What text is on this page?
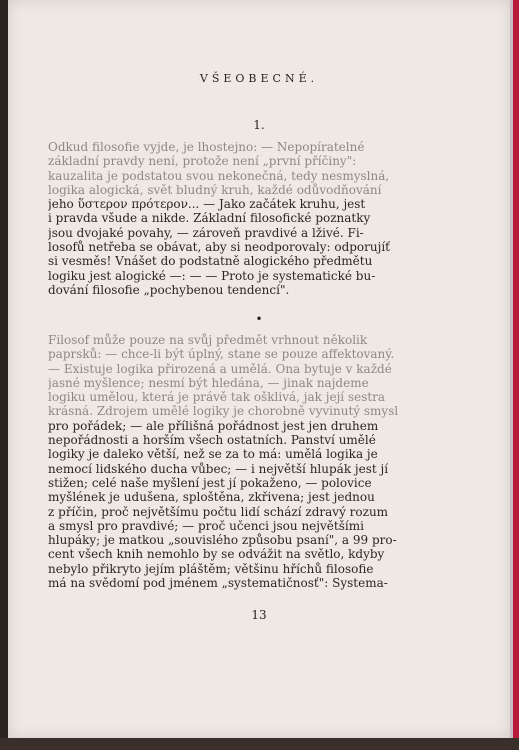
VŠEOBECNÉ.
1.
Odkud filosofie vyjde, je lhostejno: — Nepopíratelné
základní pravdy není, protože není „první příčiny":
kauzalita je podstatou svou nekonečná, tedy nesmyslná,
logika alogická, svět bludný kruh, každé odůvodňování
jeho ὕστερον πρότερον... — Jako začátek kruhu, jest
i pravda všude a nikde. Základní filosofické poznatky
jsou dvojaké povahy, — zároveň pravdivé a lživé. Fi-
losofů netřeba se obávat, aby si neodporovaly: odporujíť
si vesměs! Vnášet do podstatně alogického předmětu
logiku jest alogické —: — — Proto je systematické bu-
dování filosofie „pochybenou tendencí".
•
Filosof může pouze na svůj předmět vrhnout několik
paprsků: — chce-li být úplný, stane se pouze affektovaný.
— Existuje logika přirozená a umělá. Ona bytuje v každé
jasné myšlence; nesmí být hledána, — jinak najdeme
logiku umělou, která je právě tak ošklivá, jak její sestra
krásná. Zdrojem umělé logiky je chorobně vyvinutý smysl
pro pořádek; — ale přílišná pořádnost jest jen druhem
nepořádnosti a horším všech ostatních. Panství umělé
logiky je daleko větší, než se za to má: umělá logika je
nemocí lidského ducha vůbec; — i největší hlupák jest jí
stižen; celé naše myšlení jest jí pokaženo, — polovice
myšlének je udušena, sploštěna, zkřivena; jest jednou
z příčin, proč největšímu počtu lidí schází zdravý rozum
a smysl pro pravdivé; — proč učenci jsou největšími
hlupáky; je matkou „souvislého způsobu psaní", a 99 pro-
cent všech knih nemohlo by se odvážit na světlo, kdyby
nebylo přikryto jejím pláštěm; většinu hříchů filosofie
má na svědomí pod jménem „systematičnosť": Systema-
13
